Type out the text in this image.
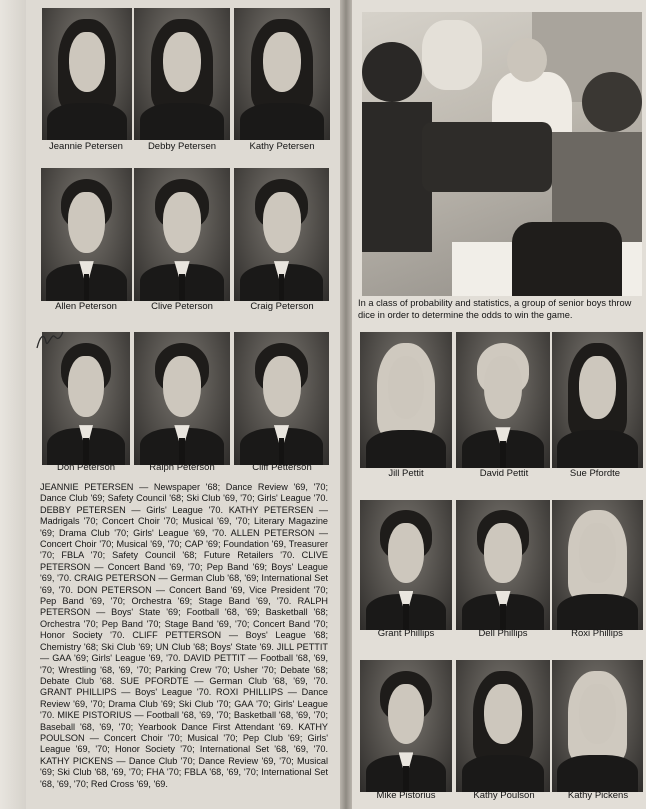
Jeannie Petersen	Debby Petersen	Kathy Petersen
Allen Peterson	Clive Peterson	Craig Peterson
Don Peterson	Ralph Peterson	Cliff Petterson
Jill Pettit	David Pettit	Sue Pfordte
Grant Phillips	Dell Phillips	Roxi Phillips
Mike Pistorius	Kathy Poulson	Kathy Pickens
In a class of probability and statistics, a group of senior boys throw dice in order to determine the odds to win the game.
JEANNIE PETERSEN — Newspaper '68; Dance Review '69, '70; Dance Club '69; Safety Council '68; Ski Club '69, '70; Girls' League '70. DEBBY PETERSEN — Girls' League '70. KATHY PETERSEN — Madrigals '70; Concert Choir '70; Musical '69, '70; Literary Magazine '69; Drama Club '70; Girls' League '69, '70. ALLEN PETERSON — Concert Choir '70; Musical '69, '70; CAP '69; Foundation '69, Treasurer '70; FBLA '70; Safety Council '68; Future Retailers '70. CLIVE PETERSON — Concert Band '69, '70; Pep Band '69; Boys' League '69, '70. CRAIG PETERSON — German Club '68, '69; International Set '69, '70. DON PETERSON — Concert Band '69, Vice President '70; Pep Band '69, '70; Orchestra '69; Stage Band '69, '70. RALPH PETERSON — Boys' State '69; Football '68, '69; Basketball '68; Orchestra '70; Pep Band '70; Stage Band '69, '70; Concert Band '70; Honor Society '70. CLIFF PETTERSON — Boys' League '68; Chemistry '68; Ski Club '69; UN Club '68; Boys' State '69. JILL PETTIT — GAA '69; Girls' League '69, '70. DAVID PETTIT — Football '68, '69, '70; Wrestling '68, '69, '70; Parking Crew '70; Usher '70; Debate '68; Debate Club '68. SUE PFORDTE — German Club '68, '69, '70. GRANT PHILLIPS — Boys' League '70. ROXI PHILLIPS — Dance Review '69, '70; Drama Club '69; Ski Club '70; GAA '70; Girls' League '70. MIKE PISTORIUS — Football '68, '69, '70; Basketball '68, '69, '70; Baseball '68, '69, '70; Yearbook Dance First Attendant '69. KATHY POULSON — Concert Choir '70; Musical '70; Pep Club '69; Girls' League '69, '70; Honor Society '70; International Set '68, '69, '70. KATHY PICKENS — Dance Club '70; Dance Review '69, '70; Musical '69; Ski Club '68, '69, '70; FHA '70; FBLA '68, '69, '70; International Set '68, '69, '70; Red Cross '69, '69.
